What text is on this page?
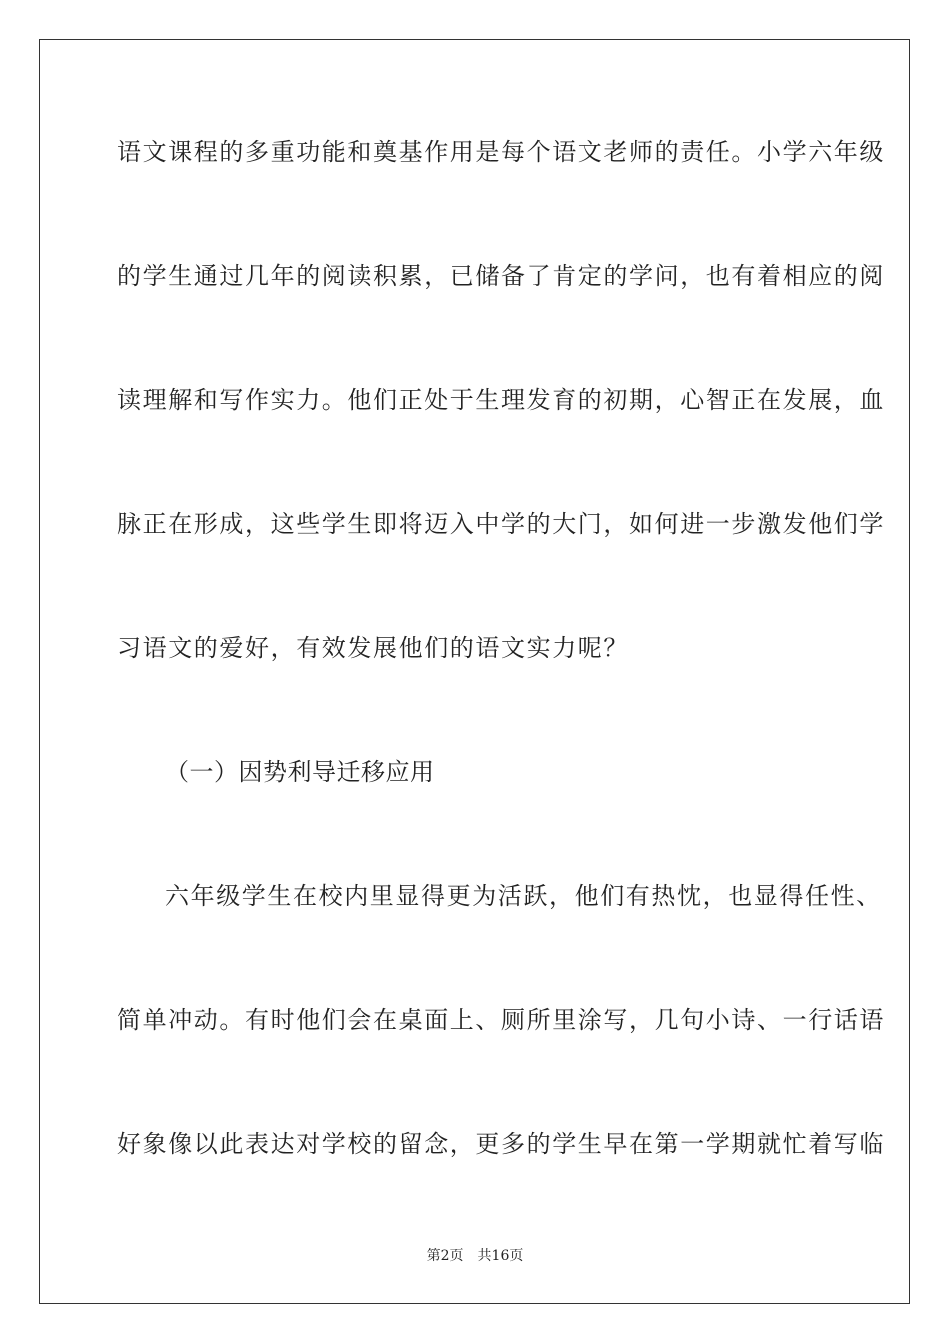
语文课程的多重功能和奠基作用是每个语文老师的责任。小学六年级
的学生通过几年的阅读积累，已储备了肯定的学问，也有着相应的阅
读理解和写作实力。他们正处于生理发育的初期，心智正在发展，血
脉正在形成，这些学生即将迈入中学的大门，如何进一步激发他们学
习语文的爱好，有效发展他们的语文实力呢？
（一）因势利导迁移应用
六年级学生在校内里显得更为活跃，他们有热忱，也显得任性、
简单冲动。有时他们会在桌面上、厕所里涂写，几句小诗、一行话语
好象像以此表达对学校的留念，更多的学生早在第一学期就忙着写临
第2页 共16页
